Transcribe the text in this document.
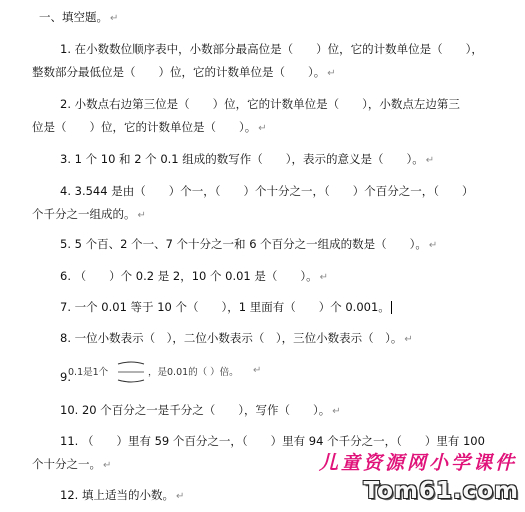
一、填空题。 ↵
1. 在小数数位顺序表中，小数部分最高位是（　　）位，它的计数单位是（　　），
整数部分最低位是（　　）位，它的计数单位是（　　）。 ↵
2. 小数点右边第三位是（　　）位，它的计数单位是（　　），小数点左边第三
位是（　　）位，它的计数单位是（　　）。 ↵
3. 1 个 10 和 2 个 0.1 组成的数写作（　　），表示的意义是（　　）。 ↵
4. 3.544 是由（　　）个一，（　　）个十分之一，（　　）个百分之一，（　　）
个千分之一组成的。 ↵
5. 5 个百、2 个一、7 个十分之一和 6 个百分之一组成的数是（　　）。 ↵
6. （　　）个 0.2 是 2，10 个 0.01 是（　　）。 ↵
7. 一个 0.01 等于 10 个（　　），1 里面有（　　）个 0.001。
8. 一位小数表示（　），二位小数表示（　），三位小数表示（　）。 ↵
9.
0.1是1个	，是0.01的（ ）倍。 ↵
10. 20 个百分之一是千分之（　　），写作（　　）。 ↵
11. （　　）里有 59 个百分之一，（　　）里有 94 个千分之一，（　　）里有 100
个十分之一。 ↵
12. 填上适当的小数。 ↵
儿童资源网小学课件
Tom61.com
